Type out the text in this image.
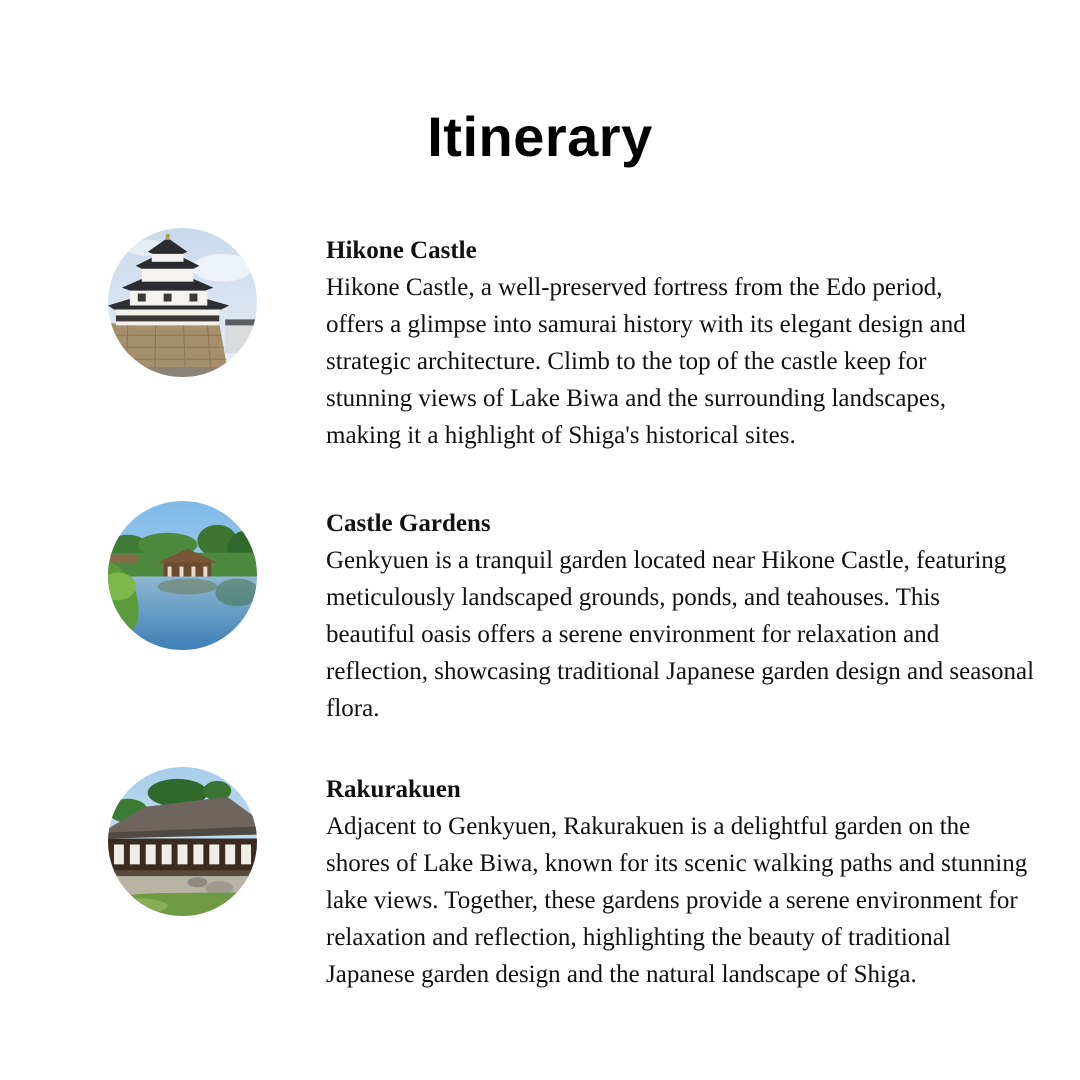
Itinerary

Hikone Castle

Hikone Castle, a well-preserved fortress from the Edo period,
offers a glimpse into samurai history with its elegant design and
strategic architecture. Climb to the top of the castle keep for
stunning views of Lake Biwa and the surrounding landscapes,
making it a highlight of Shiga's historical sites.

Castle Gardens

Genkyuen is a tranquil garden located near Hikone Castle, featuring
meticulously landscaped grounds, ponds, and teahouses. This
beautiful oasis offers a serene environment for relaxation and
reflection, showcasing traditional Japanese garden design and seasonal
flora.

Rakurakuen

Adjacent to Genkyuen, Rakurakuen is a delightful garden on the
shores of Lake Biwa, known for its scenic walking paths and stunning
lake views. Together, these gardens provide a serene environment for
relaxation and reflection, highlighting the beauty of traditional
Japanese garden design and the natural landscape of Shiga.
